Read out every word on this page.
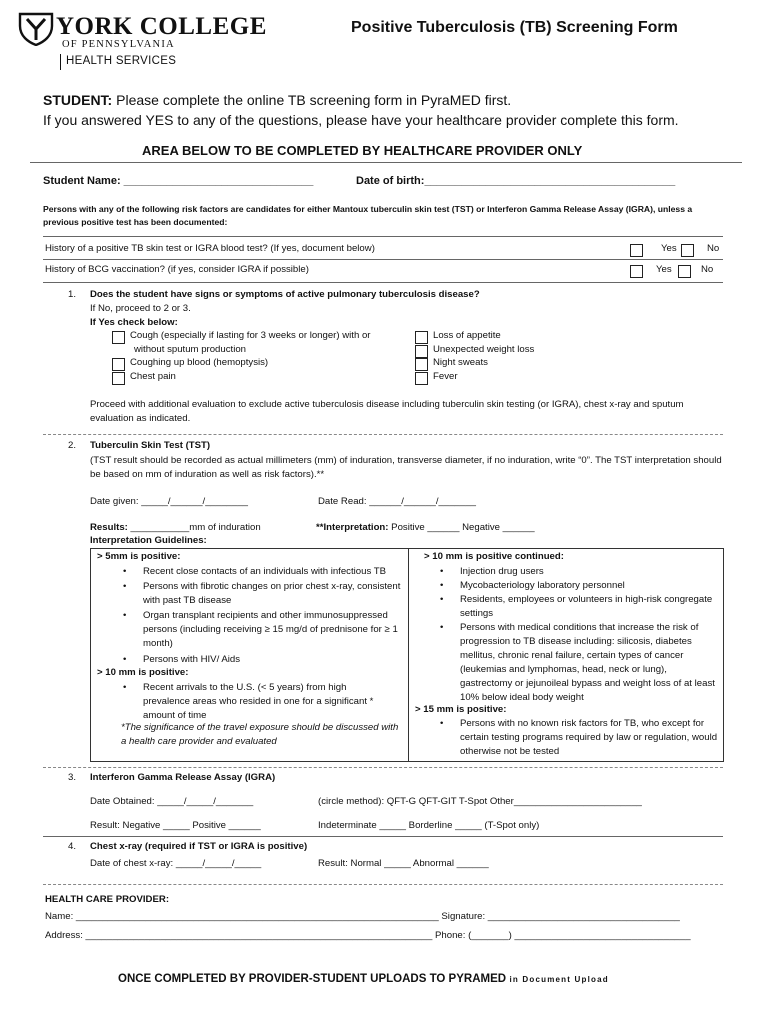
YORK COLLEGE
OF PENNSYLVANIA
HEALTH SERVICES
Positive Tuberculosis (TB) Screening Form
STUDENT: Please complete the online TB screening form in PyraMED first.
If you answered YES to any of the questions, please have your healthcare provider complete this form.
AREA BELOW TO BE COMPLETED BY HEALTHCARE PROVIDER ONLY
Student Name: _______________________________	Date of birth:_________________________________________
Persons with any of the following risk factors are candidates for either Mantoux tuberculin skin test (TST) or Interferon Gamma Release Assay (IGRA), unless a previous positive test has been documented:
History of a positive TB skin test or IGRA blood test? (If yes, document below)	Yes	No
History of BCG vaccination? (if yes, consider IGRA if possible)	Yes	No
1. Does the student have signs or symptoms of active pulmonary tuberculosis disease?
If No, proceed to 2 or 3.
If Yes check below:
Cough (especially if lasting for 3 weeks or longer) with or
without sputum production
Coughing up blood (hemoptysis)
Chest pain
Loss of appetite
Unexpected weight loss
Night sweats
Fever
Proceed with additional evaluation to exclude active tuberculosis disease including tuberculin skin testing (or IGRA), chest x-ray and sputum evaluation as indicated.
2. Tuberculin Skin Test (TST)
(TST result should be recorded as actual millimeters (mm) of induration, transverse diameter, if no induration, write “0”. The TST interpretation should be based on mm of induration as well as risk factors).**
Date given: _____/______/________	Date Read: ______/______/_______
Results: ___________mm of induration	**Interpretation: Positive ______ Negative ______
Interpretation Guidelines:
> 5mm is positive:
• Recent close contacts of an individuals with infectious TB
• Persons with fibrotic changes on prior chest x-ray, consistent with past TB disease
• Organ transplant recipients and other immunosuppressed persons (including receiving ≥ 15 mg/d of prednisone for ≥ 1 month)
• Persons with HIV/ Aids
> 10 mm is positive:
• Recent arrivals to the U.S. (< 5 years) from high prevalence areas who resided in one for a significant * amount of time
*The significance of the travel exposure should be discussed with a health care provider and evaluated
> 10 mm is positive continued:
• Injection drug users
• Mycobacteriology laboratory personnel
• Residents, employees or volunteers in high-risk congregate settings
• Persons with medical conditions that increase the risk of progression to TB disease including: silicosis, diabetes mellitus, chronic renal failure, certain types of cancer (leukemias and lymphomas, head, neck or lung), gastrectomy or jejunoileal bypass and weight loss of at least 10% below ideal body weight
> 15 mm is positive:
• Persons with no known risk factors for TB, who except for certain testing programs required by law or regulation, would otherwise not be tested
3. Interferon Gamma Release Assay (IGRA)
Date Obtained: _____/_____/_______	(circle method): QFT-G QFT-GIT T-Spot Other________________________
Result: Negative _____ Positive ______	Indeterminate _____ Borderline _____ (T-Spot only)
4. Chest x-ray (required if TST or IGRA is positive)
Date of chest x-ray: _____/_____/_____	Result: Normal _____ Abnormal ______
HEALTH CARE PROVIDER:
Name: ____________________________________________________________________ Signature: ____________________________________
Address: _________________________________________________________________ Phone: (_______) _________________________________
ONCE COMPLETED BY PROVIDER-STUDENT UPLOADS TO PYRAMED in Document Upload
